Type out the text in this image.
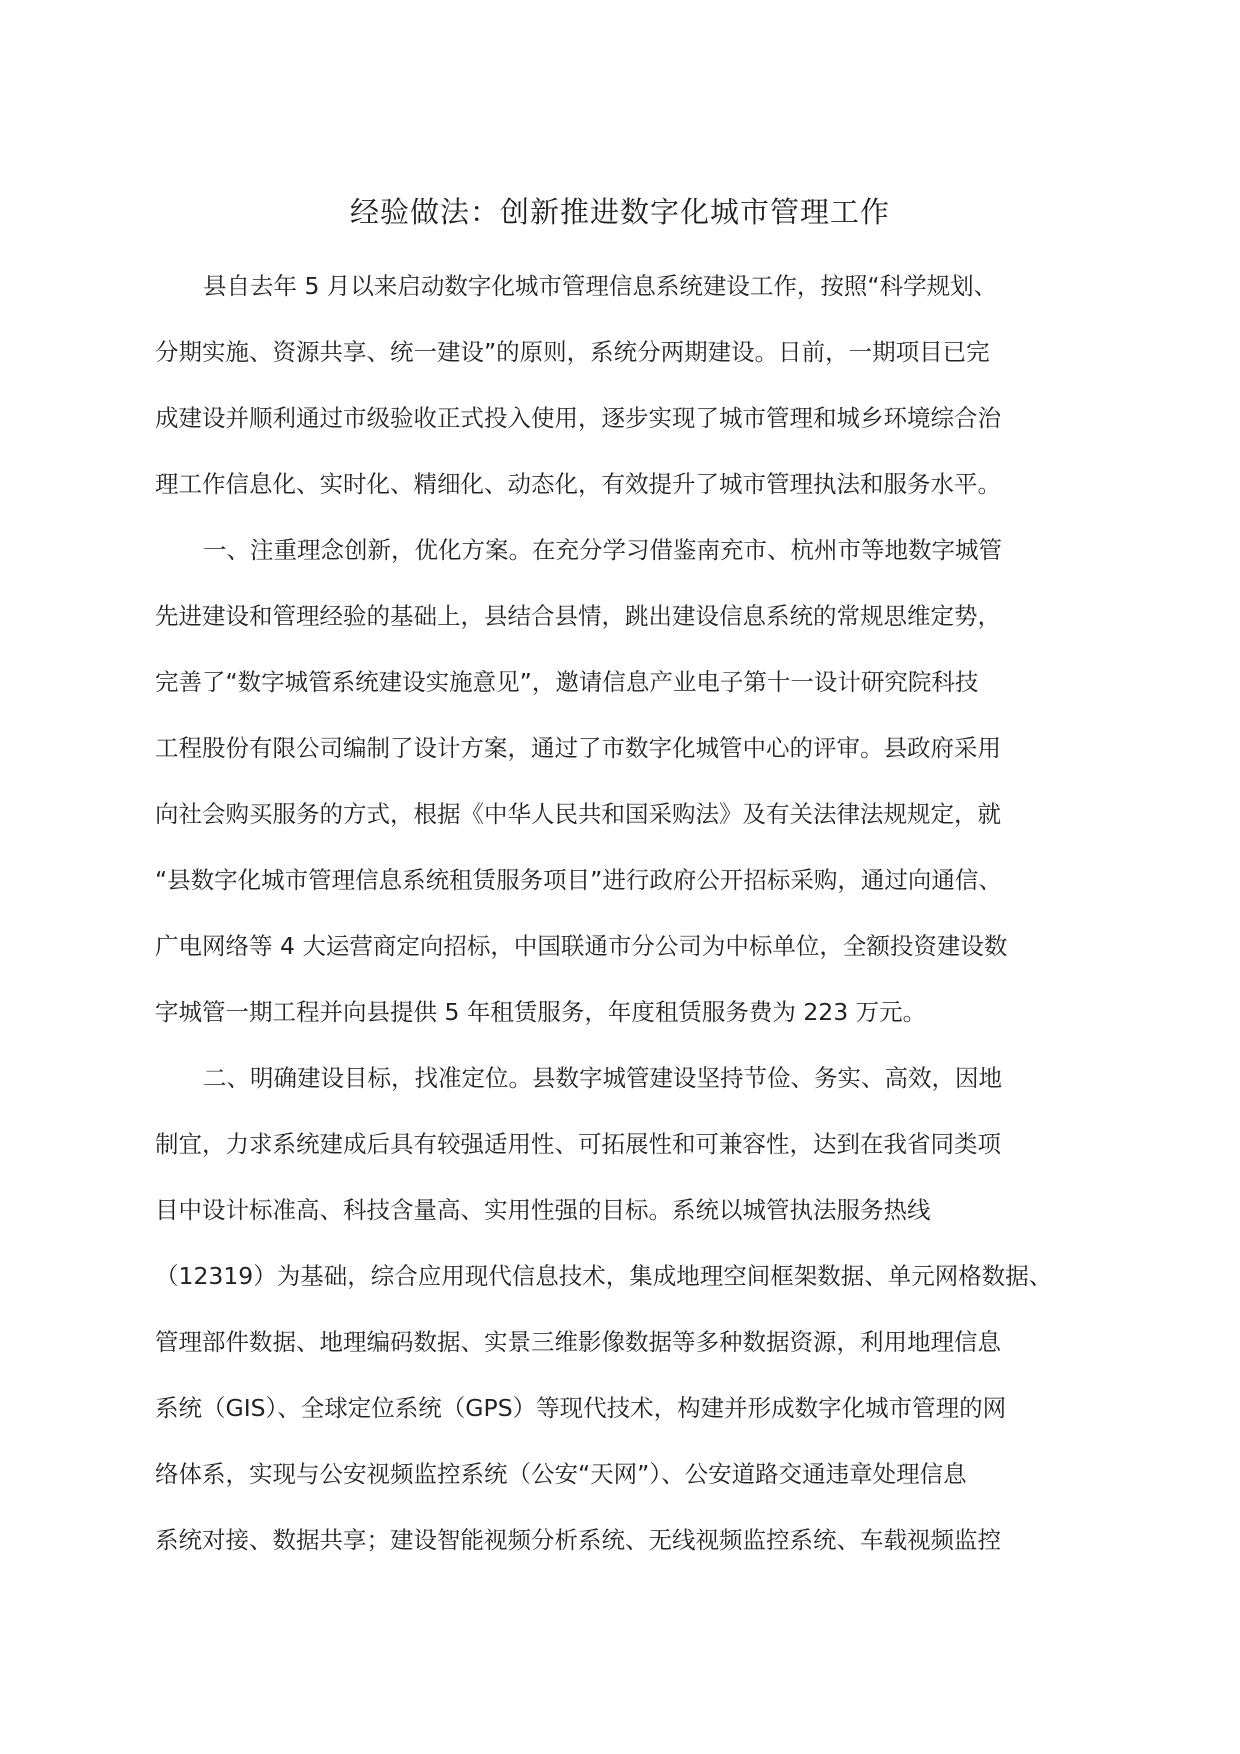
经验做法：创新推进数字化城市管理工作
县自去年 5 月以来启动数字化城市管理信息系统建设工作，按照“科学规划、
分期实施、资源共享、统一建设”的原则，系统分两期建设。日前，一期项目已完
成建设并顺利通过市级验收正式投入使用，逐步实现了城市管理和城乡环境综合治
理工作信息化、实时化、精细化、动态化，有效提升了城市管理执法和服务水平。
一、注重理念创新，优化方案。在充分学习借鉴南充市、杭州市等地数字城管
先进建设和管理经验的基础上，县结合县情，跳出建设信息系统的常规思维定势，
完善了“数字城管系统建设实施意见”，邀请信息产业电子第十一设计研究院科技
工程股份有限公司编制了设计方案，通过了市数字化城管中心的评审。县政府采用
向社会购买服务的方式，根据《中华人民共和国采购法》及有关法律法规规定，就
“县数字化城市管理信息系统租赁服务项目”进行政府公开招标采购，通过向通信、
广电网络等 4 大运营商定向招标，中国联通市分公司为中标单位，全额投资建设数
字城管一期工程并向县提供 5 年租赁服务，年度租赁服务费为 223 万元。
二、明确建设目标，找准定位。县数字城管建设坚持节俭、务实、高效，因地
制宜，力求系统建成后具有较强适用性、可拓展性和可兼容性，达到在我省同类项
目中设计标准高、科技含量高、实用性强的目标。系统以城管执法服务热线
（12319）为基础，综合应用现代信息技术，集成地理空间框架数据、单元网格数据、
管理部件数据、地理编码数据、实景三维影像数据等多种数据资源，利用地理信息
系统（GIS）、全球定位系统（GPS）等现代技术，构建并形成数字化城市管理的网
络体系，实现与公安视频监控系统（公安“天网”）、公安道路交通违章处理信息
系统对接、数据共享；建设智能视频分析系统、无线视频监控系统、车载视频监控
